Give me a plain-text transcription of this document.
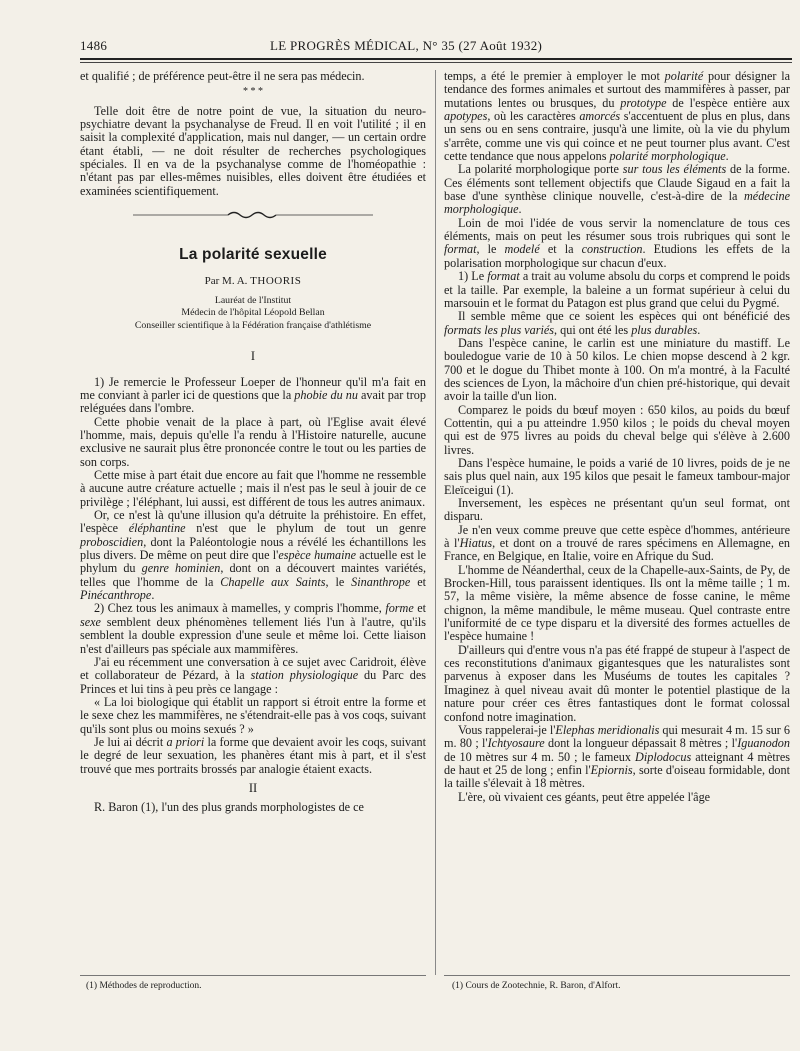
1486	LE PROGRÈS MÉDICAL, N° 35 (27 Août 1932)

et qualifié ; de préférence peut-être il ne sera pas médecin.

* * *

Telle doit être de notre point de vue, la situation du neuro-psychiatre devant la psychanalyse de Freud. Il en voit l'utilité ; il en saisit la complexité d'application, mais nul danger, — un certain ordre étant établi, — ne doit résulter de recherches psychologiques spéciales. Il en va de la psychanalyse comme de l'homéopathie : n'étant pas par elles-mêmes nuisibles, elles doivent être étudiées et examinées scientifiquement.

La polarité sexuelle
Par M. A. THOORIS
Lauréat de l'Institut
Médecin de l'hôpital Léopold Bellan
Conseiller scientifique à la Fédération française d'athlétisme
I

1) Je remercie le Professeur Loeper de l'honneur qu'il m'a fait en me conviant à parler ici de questions que la phobie du nu avait par trop reléguées dans l'ombre.

Cette phobie venait de la place à part, où l'Eglise avait élevé l'homme, mais, depuis qu'elle l'a rendu à l'Histoire naturelle, aucune exclusive ne saurait plus être prononcée contre le tout ou les parties de son corps.

Cette mise à part était due encore au fait que l'homme ne ressemble à aucune autre créature actuelle ; mais il n'est pas le seul à jouir de ce privilège ; l'éléphant, lui aussi, est différent de tous les autres animaux.

Or, ce n'est là qu'une illusion qu'a détruite la préhistoire. En effet, l'espèce éléphantine n'est que le phylum de tout un genre proboscidien, dont la Paléontologie nous a révélé les échantillons les plus divers. De même on peut dire que l'espèce humaine actuelle est le phylum du genre hominien, dont on a découvert maintes variétés, telles que l'homme de la Chapelle aux Saints, le Sinanthrope et Pinécanthrope.

2) Chez tous les animaux à mamelles, y compris l'homme, forme et sexe semblent deux phénomènes tellement liés l'un à l'autre, qu'ils semblent la double expression d'une seule et même loi. Cette liaison n'est d'ailleurs pas spéciale aux mammifères.

J'ai eu récemment une conversation à ce sujet avec Caridroit, élève et collaborateur de Pézard, à la station physiologique du Parc des Princes et lui tins à peu près ce langage :

« La loi biologique qui établit un rapport si étroit entre la forme et le sexe chez les mammifères, ne s'étendrait-elle pas à vos coqs, suivant qu'ils sont plus ou moins sexués ? »

Je lui ai décrit a priori la forme que devaient avoir les coqs, suivant le degré de leur sexuation, les phanères étant mis à part, et il s'est trouvé que mes portraits brossés par analogie étaient exacts.

II

R. Baron (1), l'un des plus grands morphologistes de ce

temps, a été le premier à employer le mot polarité pour désigner la tendance des formes animales et surtout des mammifères à passer, par mutations lentes ou brusques, du prototype de l'espèce entière aux apotypes, où les caractères amorcés s'accentuent de plus en plus, dans un sens ou en sens contraire, jusqu'à une limite, où la vie du phylum s'arrête, comme une vis qui coince et ne peut tourner plus avant. C'est cette tendance que nous appelons polarité morphologique.

La polarité morphologique porte sur tous les éléments de la forme. Ces éléments sont tellement objectifs que Claude Sigaud en a fait la base d'une synthèse clinique nouvelle, c'est-à-dire de la médecine morphologique.

Loin de moi l'idée de vous servir la nomenclature de tous ces éléments, mais on peut les résumer sous trois rubriques qui sont le format, le modelé et la construction. Etudions les effets de la polarisation morphologique sur chacun d'eux.

1) Le format a trait au volume absolu du corps et comprend le poids et la taille. Par exemple, la baleine a un format supérieur à celui du marsouin et le format du Patagon est plus grand que celui du Pygmé.

Il semble même que ce soient les espèces qui ont bénéficié des formats les plus variés, qui ont été les plus durables.

Dans l'espèce canine, le carlin est une miniature du mastiff. Le bouledogue varie de 10 à 50 kilos. Le chien mopse descend à 2 kgr. 700 et le dogue du Thibet monte à 100. On m'a montré, à la Faculté des sciences de Lyon, la mâchoire d'un chien pré-historique, qui devait avoir la taille d'un lion.

Comparez le poids du bœuf moyen : 650 kilos, au poids du bœuf Cottentin, qui a pu atteindre 1.950 kilos ; le poids du cheval moyen qui est de 975 livres au poids du cheval belge qui s'élève à 2.600 livres.

Dans l'espèce humaine, le poids a varié de 10 livres, poids de je ne sais plus quel nain, aux 195 kilos que pesait le fameux tambour-major Eleïceigui (1).

Inversement, les espèces ne présentant qu'un seul format, ont disparu.

Je n'en veux comme preuve que cette espèce d'hommes, antérieure à l'Hiatus, et dont on a trouvé de rares spécimens en Allemagne, en France, en Belgique, en Italie, voire en Afrique du Sud.

L'homme de Néanderthal, ceux de la Chapelle-aux-Saints, de Py, de Brocken-Hill, tous paraissent identiques. Ils ont la même taille ; 1 m. 57, la même visière, la même absence de fosse canine, le même chignon, la même mandibule, le même museau. Quel contraste entre l'uniformité de ce type disparu et la diversité des formes actuelles de l'espèce humaine !

D'ailleurs qui d'entre vous n'a pas été frappé de stupeur à l'aspect de ces reconstitutions d'animaux gigantesques que les naturalistes sont parvenus à exposer dans les Muséums de toutes les capitales ? Imaginez à quel niveau avait dû monter le potentiel plastique de la nature pour créer ces êtres fantastiques dont le format colossal confond notre imagination.

Vous rappelerai-je l'Elephas meridionalis qui mesurait 4 m. 15 sur 6 m. 80 ; l'Ichtyosaure dont la longueur dépassait 8 mètres ; l'Iguanodon de 10 mètres sur 4 m. 50 ; le fameux Diplodocus atteignant 4 mètres de haut et 25 de long ; enfin l'Epiornis, sorte d'oiseau formidable, dont la taille s'élevait à 18 mètres.

L'ère, où vivaient ces géants, peut être appelée l'âge

(1) Méthodes de reproduction.	(1) Cours de Zootechnie, R. Baron, d'Alfort.
